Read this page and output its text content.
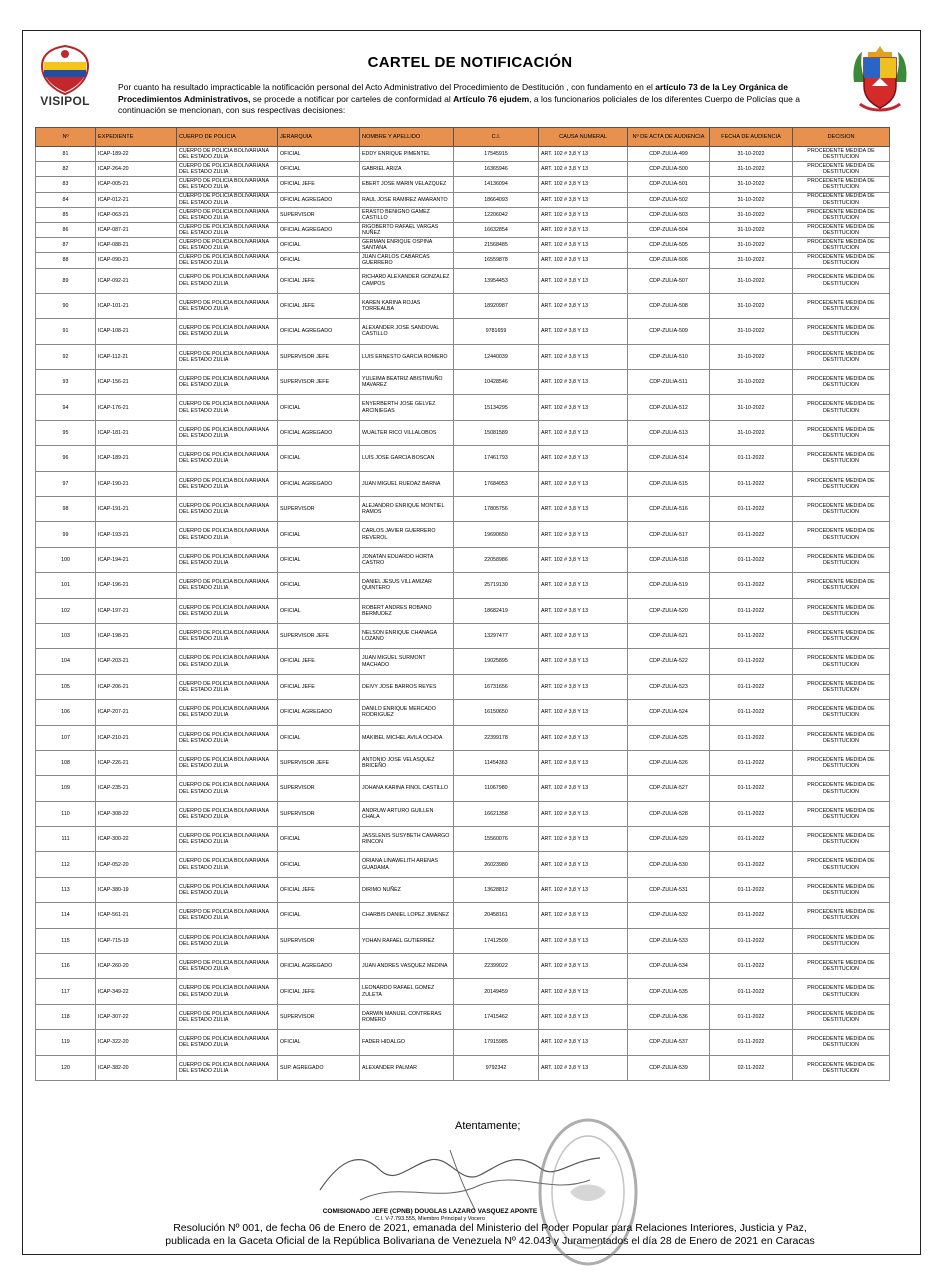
VISIPOL
CARTEL DE NOTIFICACIÓN
Por cuanto ha resultado impracticable la notificación personal del Acto Administrativo del Procedimiento de Destitución , con fundamento en el artículo 73 de la Ley Orgánica de Procedimientos Administrativos, se procede a notificar por carteles de conformidad al Artículo 76 ejudem, a los funcionarios policiales de los diferentes Cuerpo de Policías que a continuación se mencionan, con sus respectivas decisiones:
Nº	EXPEDIENTE	CUERPO DE POLICIA	JERARQUIA	NOMBRE Y APELLIDO	C.I.	CAUSA NUMERAL	Nº DE ACTA DE AUDIENCIA	FECHA DE AUDIENCIA	DECISION
81	ICAP-189-22	CUERPO DE POLICIA BOLIVARIANA DEL ESTADO ZULIA	OFICIAL	EDDY ENRIQUE PIMENTEL	17545915	ART. 102 # 3,8 Y 13	CDP-ZULIA-499	31-10-2022	PROCEDENTE MEDIDA DE DESTITUCION
82	ICAP-264-20	CUERPO DE POLICIA BOLIVARIANA DEL ESTADO ZULIA	OFICIAL	GABRIEL ARIZA	16365946	ART. 102 # 3,8 Y 13	CDP-ZULIA-500	31-10-2022	PROCEDENTE MEDIDA DE DESTITUCION
83	ICAP-005-21	CUERPO DE POLICIA BOLIVARIANA DEL ESTADO ZULIA	OFICIAL JEFE	EBERT JOSE MARIN VELAZQUEZ	14136094	ART. 102 # 3,8 Y 13	CDP-ZULIA-501	31-10-2022	PROCEDENTE MEDIDA DE DESTITUCION
84	ICAP-012-21	CUERPO DE POLICIA BOLIVARIANA DEL ESTADO ZULIA	OFICIAL AGREGADO	RAUL JOSE RAMIREZ AMARANTO	18664093	ART. 102 # 3,8 Y 13	CDP-ZULIA-502	31-10-2022	PROCEDENTE MEDIDA DE DESTITUCION
85	ICAP-063-21	CUERPO DE POLICIA BOLIVARIANA DEL ESTADO ZULIA	SUPERVISOR	ERASTO BENIGNO GAMEZ CASTILLO	12206042	ART. 102 # 3,8 Y 13	CDP-ZULIA-503	31-10-2022	PROCEDENTE MEDIDA DE DESTITUCION
86	ICAP-087-21	CUERPO DE POLICIA BOLIVARIANA DEL ESTADO ZULIA	OFICIAL AGREGADO	RIGOBERTO RAFAEL VARGAS NUÑEZ	16632854	ART. 102 # 3,8 Y 13	CDP-ZULIA-504	31-10-2022	PROCEDENTE MEDIDA DE DESTITUCION
87	ICAP-088-21	CUERPO DE POLICIA BOLIVARIANA DEL ESTADO ZULIA	OFICIAL	GERMAN ENRIQUE OSPINA SANTANA	21568485	ART. 102 # 3,8 Y 13	CDP-ZULIA-505	31-10-2022	PROCEDENTE MEDIDA DE DESTITUCION
88	ICAP-090-21	CUERPO DE POLICIA BOLIVARIANA DEL ESTADO ZULIA	OFICIAL	JUAN CARLOS CABARCAS GUERRERO	16559878	ART. 102 # 3,8 Y 13	CDP-ZULIA-506	31-10-2022	PROCEDENTE MEDIDA DE DESTITUCION
89	ICAP-092-21	CUERPO DE POLICIA BOLIVARIANA DEL ESTADO ZULIA	OFICIAL JEFE	RICHARD ALEXANDER GONZALEZ CAMPOS	13954453	ART. 102 # 3,8 Y 13	CDP-ZULIA-507	31-10-2022	PROCEDENTE MEDIDA DE DESTITUCION
90	ICAP-101-21	CUERPO DE POLICIA BOLIVARIANA DEL ESTADO ZULIA	OFICIAL JEFE	KAREN KARINA ROJAS TORREALBA	18920987	ART. 102 # 3,8 Y 13	CDP-ZULIA-508	31-10-2022	PROCEDENTE MEDIDA DE DESTITUCION
91	ICAP-108-21	CUERPO DE POLICIA BOLIVARIANA DEL ESTADO ZULIA	OFICIAL AGREGADO	ALEXANDER JOSE SANDOVAL CASTILLO	9781659	ART. 102 # 3,8 Y 13	CDP-ZULIA-509	31-10-2022	PROCEDENTE MEDIDA DE DESTITUCION
92	ICAP-112-21	CUERPO DE POLICIA BOLIVARIANA DEL ESTADO ZULIA	SUPERVISOR JEFE	LUIS ERNESTO GARCIA ROMERO	12440039	ART. 102 # 3,8 Y 13	CDP-ZULIA-510	31-10-2022	PROCEDENTE MEDIDA DE DESTITUCION
93	ICAP-156-21	CUERPO DE POLICIA BOLIVARIANA DEL ESTADO ZULIA	SUPERVISOR JEFE	YULEIMA BEATRIZ ABISTIMUÑO MAVAREZ	10428546	ART. 102 # 3,8 Y 13	CDP-ZULIA-511	31-10-2022	PROCEDENTE MEDIDA DE DESTITUCION
94	ICAP-176-21	CUERPO DE POLICIA BOLIVARIANA DEL ESTADO ZULIA	OFICIAL	ENYERBERTH JOSE GELVEZ ARCINIEGAS	15134295	ART. 102 # 3,8 Y 13	CDP-ZULIA-512	31-10-2022	PROCEDENTE MEDIDA DE DESTITUCION
95	ICAP-181-21	CUERPO DE POLICIA BOLIVARIANA DEL ESTADO ZULIA	OFICIAL AGREGADO	WUALTER RICO VILLALOBOS	15081589	ART. 102 # 3,8 Y 13	CDP-ZULIA-513	31-10-2022	PROCEDENTE MEDIDA DE DESTITUCION
96	ICAP-189-21	CUERPO DE POLICIA BOLIVARIANA DEL ESTADO ZULIA	OFICIAL	LUIS JOSE GARCIA BOSCAN	17461793	ART. 102 # 3,8 Y 13	CDP-ZULIA-514	01-11-2022	PROCEDENTE MEDIDA DE DESTITUCION
97	ICAP-190-21	CUERPO DE POLICIA BOLIVARIANA DEL ESTADO ZULIA	OFICIAL AGREGADO	JUAN MIGUEL RUEDAZ BARNA	17684053	ART. 102 # 3,8 Y 13	CDP-ZULIA-515	01-11-2022	PROCEDENTE MEDIDA DE DESTITUCION
98	ICAP-191-21	CUERPO DE POLICIA BOLIVARIANA DEL ESTADO ZULIA	SUPERVISOR	ALEJANDRO ENRIQUE MONTIEL RAMOS	17805756	ART. 102 # 3,8 Y 13	CDP-ZULIA-516	01-11-2022	PROCEDENTE MEDIDA DE DESTITUCION
99	ICAP-193-21	CUERPO DE POLICIA BOLIVARIANA DEL ESTADO ZULIA	OFICIAL	CARLOS JAVIER GUERRERO REVEROL	19690650	ART. 102 # 3,8 Y 13	CDP-ZULIA-517	01-11-2022	PROCEDENTE MEDIDA DE DESTITUCION
100	ICAP-194-21	CUERPO DE POLICIA BOLIVARIANA DEL ESTADO ZULIA	OFICIAL	JONATAN EDUARDO HORTA CASTRO	22058986	ART. 102 # 3,8 Y 13	CDP-ZULIA-518	01-11-2022	PROCEDENTE MEDIDA DE DESTITUCION
101	ICAP-196-21	CUERPO DE POLICIA BOLIVARIANA DEL ESTADO ZULIA	OFICIAL	DANIEL JESUS VILLAMIZAR QUINTERO	25719130	ART. 102 # 3,8 Y 13	CDP-ZULIA-519	01-11-2022	PROCEDENTE MEDIDA DE DESTITUCION
102	ICAP-197-21	CUERPO DE POLICIA BOLIVARIANA DEL ESTADO ZULIA	OFICIAL	ROBERT ANDRES ROBANO BERMUDEZ	18682419	ART. 102 # 3,8 Y 13	CDP-ZULIA-520	01-11-2022	PROCEDENTE MEDIDA DE DESTITUCION
103	ICAP-198-21	CUERPO DE POLICIA BOLIVARIANA DEL ESTADO ZULIA	SUPERVISOR JEFE	NELSON ENRIQUE CHANAGA LOZANO	13297477	ART. 102 # 3,8 Y 13	CDP-ZULIA-521	01-11-2022	PROCEDENTE MEDIDA DE DESTITUCION
104	ICAP-203-21	CUERPO DE POLICIA BOLIVARIANA DEL ESTADO ZULIA	OFICIAL JEFE	JUAN MIGUEL SURMONT MACHADO	19025895	ART. 102 # 3,8 Y 13	CDP-ZULIA-522	01-11-2022	PROCEDENTE MEDIDA DE DESTITUCION
105	ICAP-206-21	CUERPO DE POLICIA BOLIVARIANA DEL ESTADO ZULIA	OFICIAL JEFE	DEIVY JOSE BARROS REYES	16731656	ART. 102 # 3,8 Y 13	CDP-ZULIA-523	01-11-2022	PROCEDENTE MEDIDA DE DESTITUCION
106	ICAP-207-21	CUERPO DE POLICIA BOLIVARIANA DEL ESTADO ZULIA	OFICIAL AGREGADO	DANILO ENRIQUE MERCADO RODRIGUEZ	16150650	ART. 102 # 3,8 Y 13	CDP-ZULIA-524	01-11-2022	PROCEDENTE MEDIDA DE DESTITUCION
107	ICAP-210-21	CUERPO DE POLICIA BOLIVARIANA DEL ESTADO ZULIA	OFICIAL	MAKIBEL MICHEL AVILA OCHOA	22399178	ART. 102 # 3,8 Y 13	CDP-ZULIA-525	01-11-2022	PROCEDENTE MEDIDA DE DESTITUCION
108	ICAP-226-21	CUERPO DE POLICIA BOLIVARIANA DEL ESTADO ZULIA	SUPERVISOR JEFE	ANTONIO JOSE VELASQUEZ BRICEÑO	11454363	ART. 102 # 3,8 Y 13	CDP-ZULIA-526	01-11-2022	PROCEDENTE MEDIDA DE DESTITUCION
109	ICAP-235-21	CUERPO DE POLICIA BOLIVARIANA DEL ESTADO ZULIA	SUPERVISOR	JOHANA KARINA FINOL CASTILLO	11067980	ART. 102 # 3,8 Y 13	CDP-ZULIA-527	01-11-2022	PROCEDENTE MEDIDA DE DESTITUCION
110	ICAP-308-22	CUERPO DE POLICIA BOLIVARIANA DEL ESTADO ZULIA	SUPERVISOR	ANDRUW ARTURO GUILLEN CHALA	16621358	ART. 102 # 3,8 Y 13	CDP-ZULIA-528	01-11-2022	PROCEDENTE MEDIDA DE DESTITUCION
111	ICAP-300-22	CUERPO DE POLICIA BOLIVARIANA DEL ESTADO ZULIA	OFICIAL	JASSLENIS SUSYBETH CAMARGO RINCON	15560076	ART. 102 # 3,8 Y 13	CDP-ZULIA-529	01-11-2022	PROCEDENTE MEDIDA DE DESTITUCION
112	ICAP-052-20	CUERPO DE POLICIA BOLIVARIANA DEL ESTADO ZULIA	OFICIAL	ORIANA LINAWELITH ARENAS GUADAMA	26023980	ART. 102 # 3,8 Y 13	CDP-ZULIA-530	01-11-2022	PROCEDENTE MEDIDA DE DESTITUCION
113	ICAP-380-19	CUERPO DE POLICIA BOLIVARIANA DEL ESTADO ZULIA	OFICIAL JEFE	DIRIMO NUÑEZ	13628812	ART. 102 # 3,8 Y 13	CDP-ZULIA-531	01-11-2022	PROCEDENTE MEDIDA DE DESTITUCION
114	ICAP-561-21	CUERPO DE POLICIA BOLIVARIANA DEL ESTADO ZULIA	OFICIAL	CHARBIS DANIEL LOPEZ JIMENEZ	20458161	ART. 102 # 3,8 Y 13	CDP-ZULIA-532	01-11-2022	PROCEDENTE MEDIDA DE DESTITUCION
115	ICAP-715-19	CUERPO DE POLICIA BOLIVARIANA DEL ESTADO ZULIA	SUPERVISOR	YOHAN RAFAEL GUTIERREZ	17412509	ART. 102 # 3,8 Y 13	CDP-ZULIA-533	01-11-2022	PROCEDENTE MEDIDA DE DESTITUCION
116	ICAP-260-20	CUERPO DE POLICIA BOLIVARIANA DEL ESTADO ZULIA	OFICIAL AGREGADO	JUAN ANDRES VASQUEZ MEDINA	22399022	ART. 102 # 3,8 Y 13	CDP-ZULIA-534	01-11-2022	PROCEDENTE MEDIDA DE DESTITUCION
117	ICAP-349-22	CUERPO DE POLICIA BOLIVARIANA DEL ESTADO ZULIA	OFICIAL JEFE	LEONARDO RAFAEL GOMEZ ZULETA	20149459	ART. 102 # 3,8 Y 13	CDP-ZULIA-535	01-11-2022	PROCEDENTE MEDIDA DE DESTITUCION
118	ICAP-307-22	CUERPO DE POLICIA BOLIVARIANA DEL ESTADO ZULIA	SUPERVISOR	DARWIN MANUEL CONTRERAS ROMERO	17415462	ART. 102 # 3,8 Y 13	CDP-ZULIA-536	01-11-2022	PROCEDENTE MEDIDA DE DESTITUCION
119	ICAP-322-20	CUERPO DE POLICIA BOLIVARIANA DEL ESTADO ZULIA	OFICIAL	FADER HIDALGO	17915985	ART. 102 # 3,8 Y 13	CDP-ZULIA-537	01-11-2022	PROCEDENTE MEDIDA DE DESTITUCION
120	ICAP-382-20	CUERPO DE POLICIA BOLIVARIANA DEL ESTADO ZULIA	SUP. AGREGADO	ALEXANDER PALMAR	9792342	ART. 102 # 3,8 Y 13	CDP-ZULIA-539	02-11-2022	PROCEDENTE MEDIDA DE DESTITUCION
Atentamente;
COMISIONADO JEFE (CPNB) DOUGLAS LAZARO VASQUEZ APONTE
C.I. V-7.793.555, Miembro Principal y Vocero
Resolución Nº 001, de fecha 06 de Enero de 2021, emanada del Ministerio del Poder Popular para Relaciones Interiores, Justicia y Paz,
publicada en la Gaceta Oficial de la República Bolivariana de Venezuela Nº 42.043 y Juramentados el día 28 de Enero de 2021 en Caracas
